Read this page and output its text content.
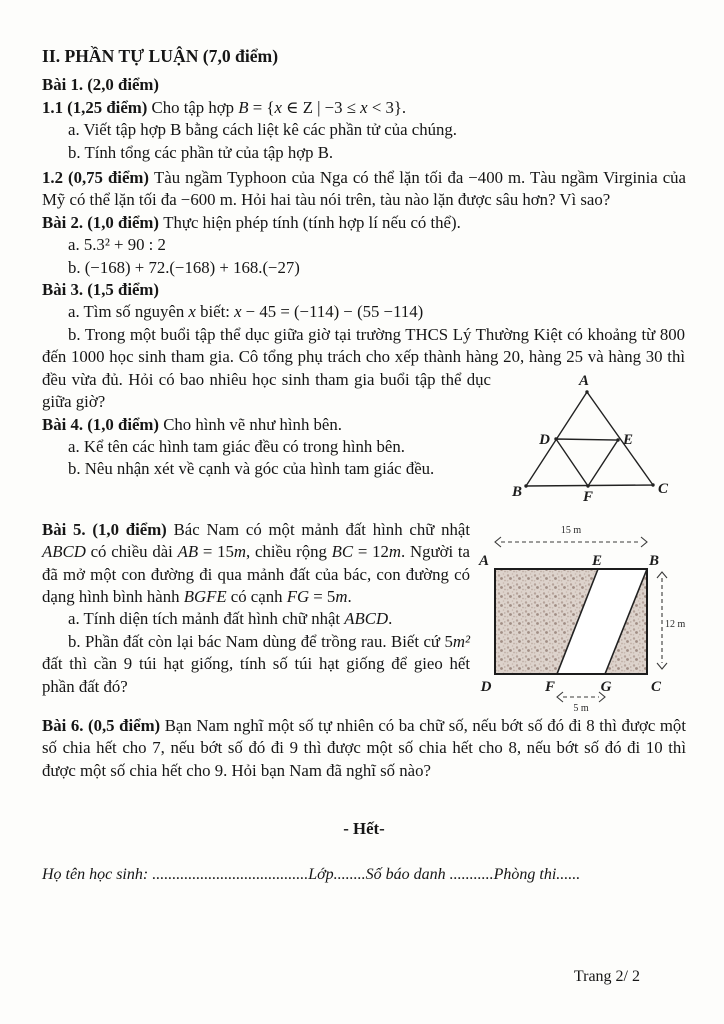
II. PHẦN TỰ LUẬN (7,0 điểm)

Bài 1. (2,0 điểm)

1.1 (1,25 điểm) Cho tập hợp B = {x ∈ Z | −3 ≤ x < 3}.

a. Viết tập hợp B bằng cách liệt kê các phần tử của chúng.

b. Tính tổng các phần tử của tập hợp B.

1.2 (0,75 điểm) Tàu ngầm Typhoon của Nga có thể lặn tối đa −400 m. Tàu ngầm Virginia của Mỹ có thể lặn tối đa −600 m. Hỏi hai tàu nói trên, tàu nào lặn được sâu hơn? Vì sao?

Bài 2. (1,0 điểm) Thực hiện phép tính (tính hợp lí nếu có thể).

a. 5.3² + 90 : 2

b. (−168) + 72.(−168) + 168.(−27)

Bài 3. (1,5 điểm)

a. Tìm số nguyên x biết: x − 45 = (−114) − (55 −114)

A
B	C
D	E
F

b. Trong một buổi tập thể dục giữa giờ tại trường THCS Lý Thường Kiệt có khoảng từ 800 đến 1000 học sinh tham gia. Cô tổng phụ trách cho xếp thành hàng 20, hàng 25 và hàng 30 thì đều vừa đủ. Hỏi có bao nhiêu học sinh tham gia buổi tập thể dục giữa giờ?

Bài 4. (1,0 điểm) Cho hình vẽ như hình bên.

a. Kể tên các hình tam giác đều có trong hình bên.

b. Nêu nhận xét về cạnh và góc của hình tam giác đều.

15 m
12 m
5 m
A	E	B
D	F	G	C

Bài 5. (1,0 điểm) Bác Nam có một mảnh đất hình chữ nhật ABCD có chiều dài AB = 15m, chiều rộng BC = 12m. Người ta đã mở một con đường đi qua mảnh đất của bác, con đường có dạng hình bình hành BGFE có cạnh FG = 5m.

a. Tính diện tích mảnh đất hình chữ nhật ABCD.

b. Phần đất còn lại bác Nam dùng để trồng rau. Biết cứ 5m² đất thì cần 9 túi hạt giống, tính số túi hạt giống để gieo hết phần đất đó?

Bài 6. (0,5 điểm) Bạn Nam nghĩ một số tự nhiên có ba chữ số, nếu bớt số đó đi 8 thì được một số chia hết cho 7, nếu bớt số đó đi 9 thì được một số chia hết cho 8, nếu bớt số đó đi 10 thì được một số chia hết cho 9. Hỏi bạn Nam đã nghĩ số nào?

- Hết-

Họ tên học sinh: .......................................Lớp........Số báo danh ...........Phòng thi......

Trang 2/ 2
